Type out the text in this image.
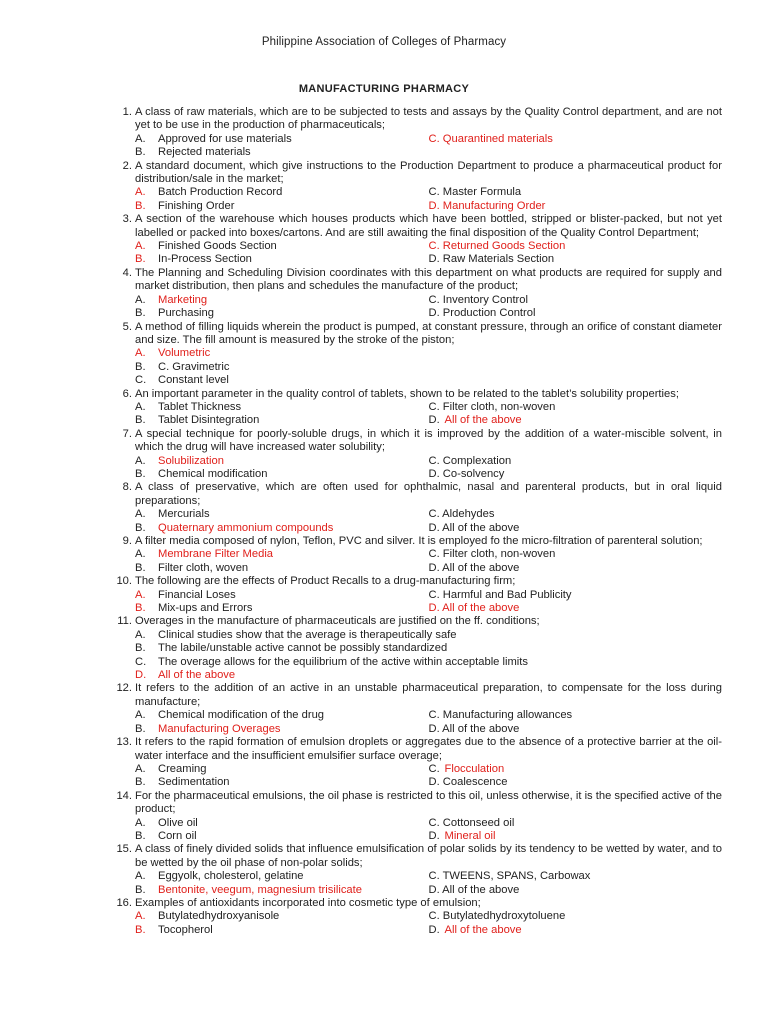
Philippine Association of Colleges of Pharmacy
MANUFACTURING PHARMACY
1. A class of raw materials, which are to be subjected to tests and assays by the Quality Control department, and are not yet to be use in the production of pharmaceuticals;
A. Approved for use materials	C. Quarantined materials
B. Rejected materials
2. A standard document, which give instructions to the Production Department to produce a pharmaceutical product for distribution/sale in the market;
A. Batch Production Record	C. Master Formula
B. Finishing Order	D. Manufacturing Order
3. A section of the warehouse which houses products which have been bottled, stripped or blister-packed, but not yet labelled or packed into boxes/cartons. And are still awaiting the final disposition of the Quality Control Department;
A. Finished Goods Section	C. Returned Goods Section
B. In-Process Section	D. Raw Materials Section
4. The Planning and Scheduling Division coordinates with this department on what products are required for supply and market distribution, then plans and schedules the manufacture of the product;
A. Marketing	C. Inventory Control
B. Purchasing	D. Production Control
5. A method of filling liquids wherein the product is pumped, at constant pressure, through an orifice of constant diameter and size. The fill amount is measured by the stroke of the piston;
A. Volumetric
B. C. Gravimetric
C. Constant level
6. An important parameter in the quality control of tablets, shown to be related to the tablet’s solubility properties;
A. Tablet Thickness	C. Filter cloth, non-woven
B. Tablet Disintegration	D. All of the above
7. A special technique for poorly-soluble drugs, in which it is improved by the addition of a water-miscible solvent, in which the drug will have increased water solubility;
A. Solubilization	C. Complexation
B. Chemical modification	D. Co-solvency
8. A class of preservative, which are often used for ophthalmic, nasal and parenteral products, but in oral liquid preparations;
A. Mercurials	C. Aldehydes
B. Quaternary ammonium compounds	D. All of the above
9. A filter media composed of nylon, Teflon, PVC and silver. It is employed fo the micro-filtration of parenteral solution;
A. Membrane Filter Media	C. Filter cloth, non-woven
B. Filter cloth, woven	D. All of the above
10. The following are the effects of Product Recalls to a drug-manufacturing firm;
A. Financial Loses	C. Harmful and Bad Publicity
B. Mix-ups and Errors	D. All of the above
11. Overages in the manufacture of pharmaceuticals are justified on the ff. conditions;
A. Clinical studies show that the average is therapeutically safe
B. The labile/unstable active cannot be possibly standardized
C. The overage allows for the equilibrium of the active within acceptable limits
D. All of the above
12. It refers to the addition of an active in an unstable pharmaceutical preparation, to compensate for the loss during manufacture;
A. Chemical modification of the drug	C. Manufacturing allowances
B. Manufacturing Overages	D. All of the above
13. It refers to the rapid formation of emulsion droplets or aggregates due to the absence of a protective barrier at the oil-water interface and the insufficient emulsifier surface overage;
A. Creaming	C. Flocculation
B. Sedimentation	D. Coalescence
14. For the pharmaceutical emulsions, the oil phase is restricted to this oil, unless otherwise, it is the specified active of the product;
A. Olive oil	C. Cottonseed oil
B. Corn oil	D. Mineral oil
15. A class of finely divided solids that influence emulsification of polar solids by its tendency to be wetted by water, and to be wetted by the oil phase of non-polar solids;
A. Eggyolk, cholesterol, gelatine	C. TWEENS, SPANS, Carbowax
B. Bentonite, veegum, magnesium trisilicate	D. All of the above
16. Examples of antioxidants incorporated into cosmetic type of emulsion;
A. Butylatedhydroxyanisole	C. Butylatedhydroxytoluene
B. Tocopherol	D. All of the above
